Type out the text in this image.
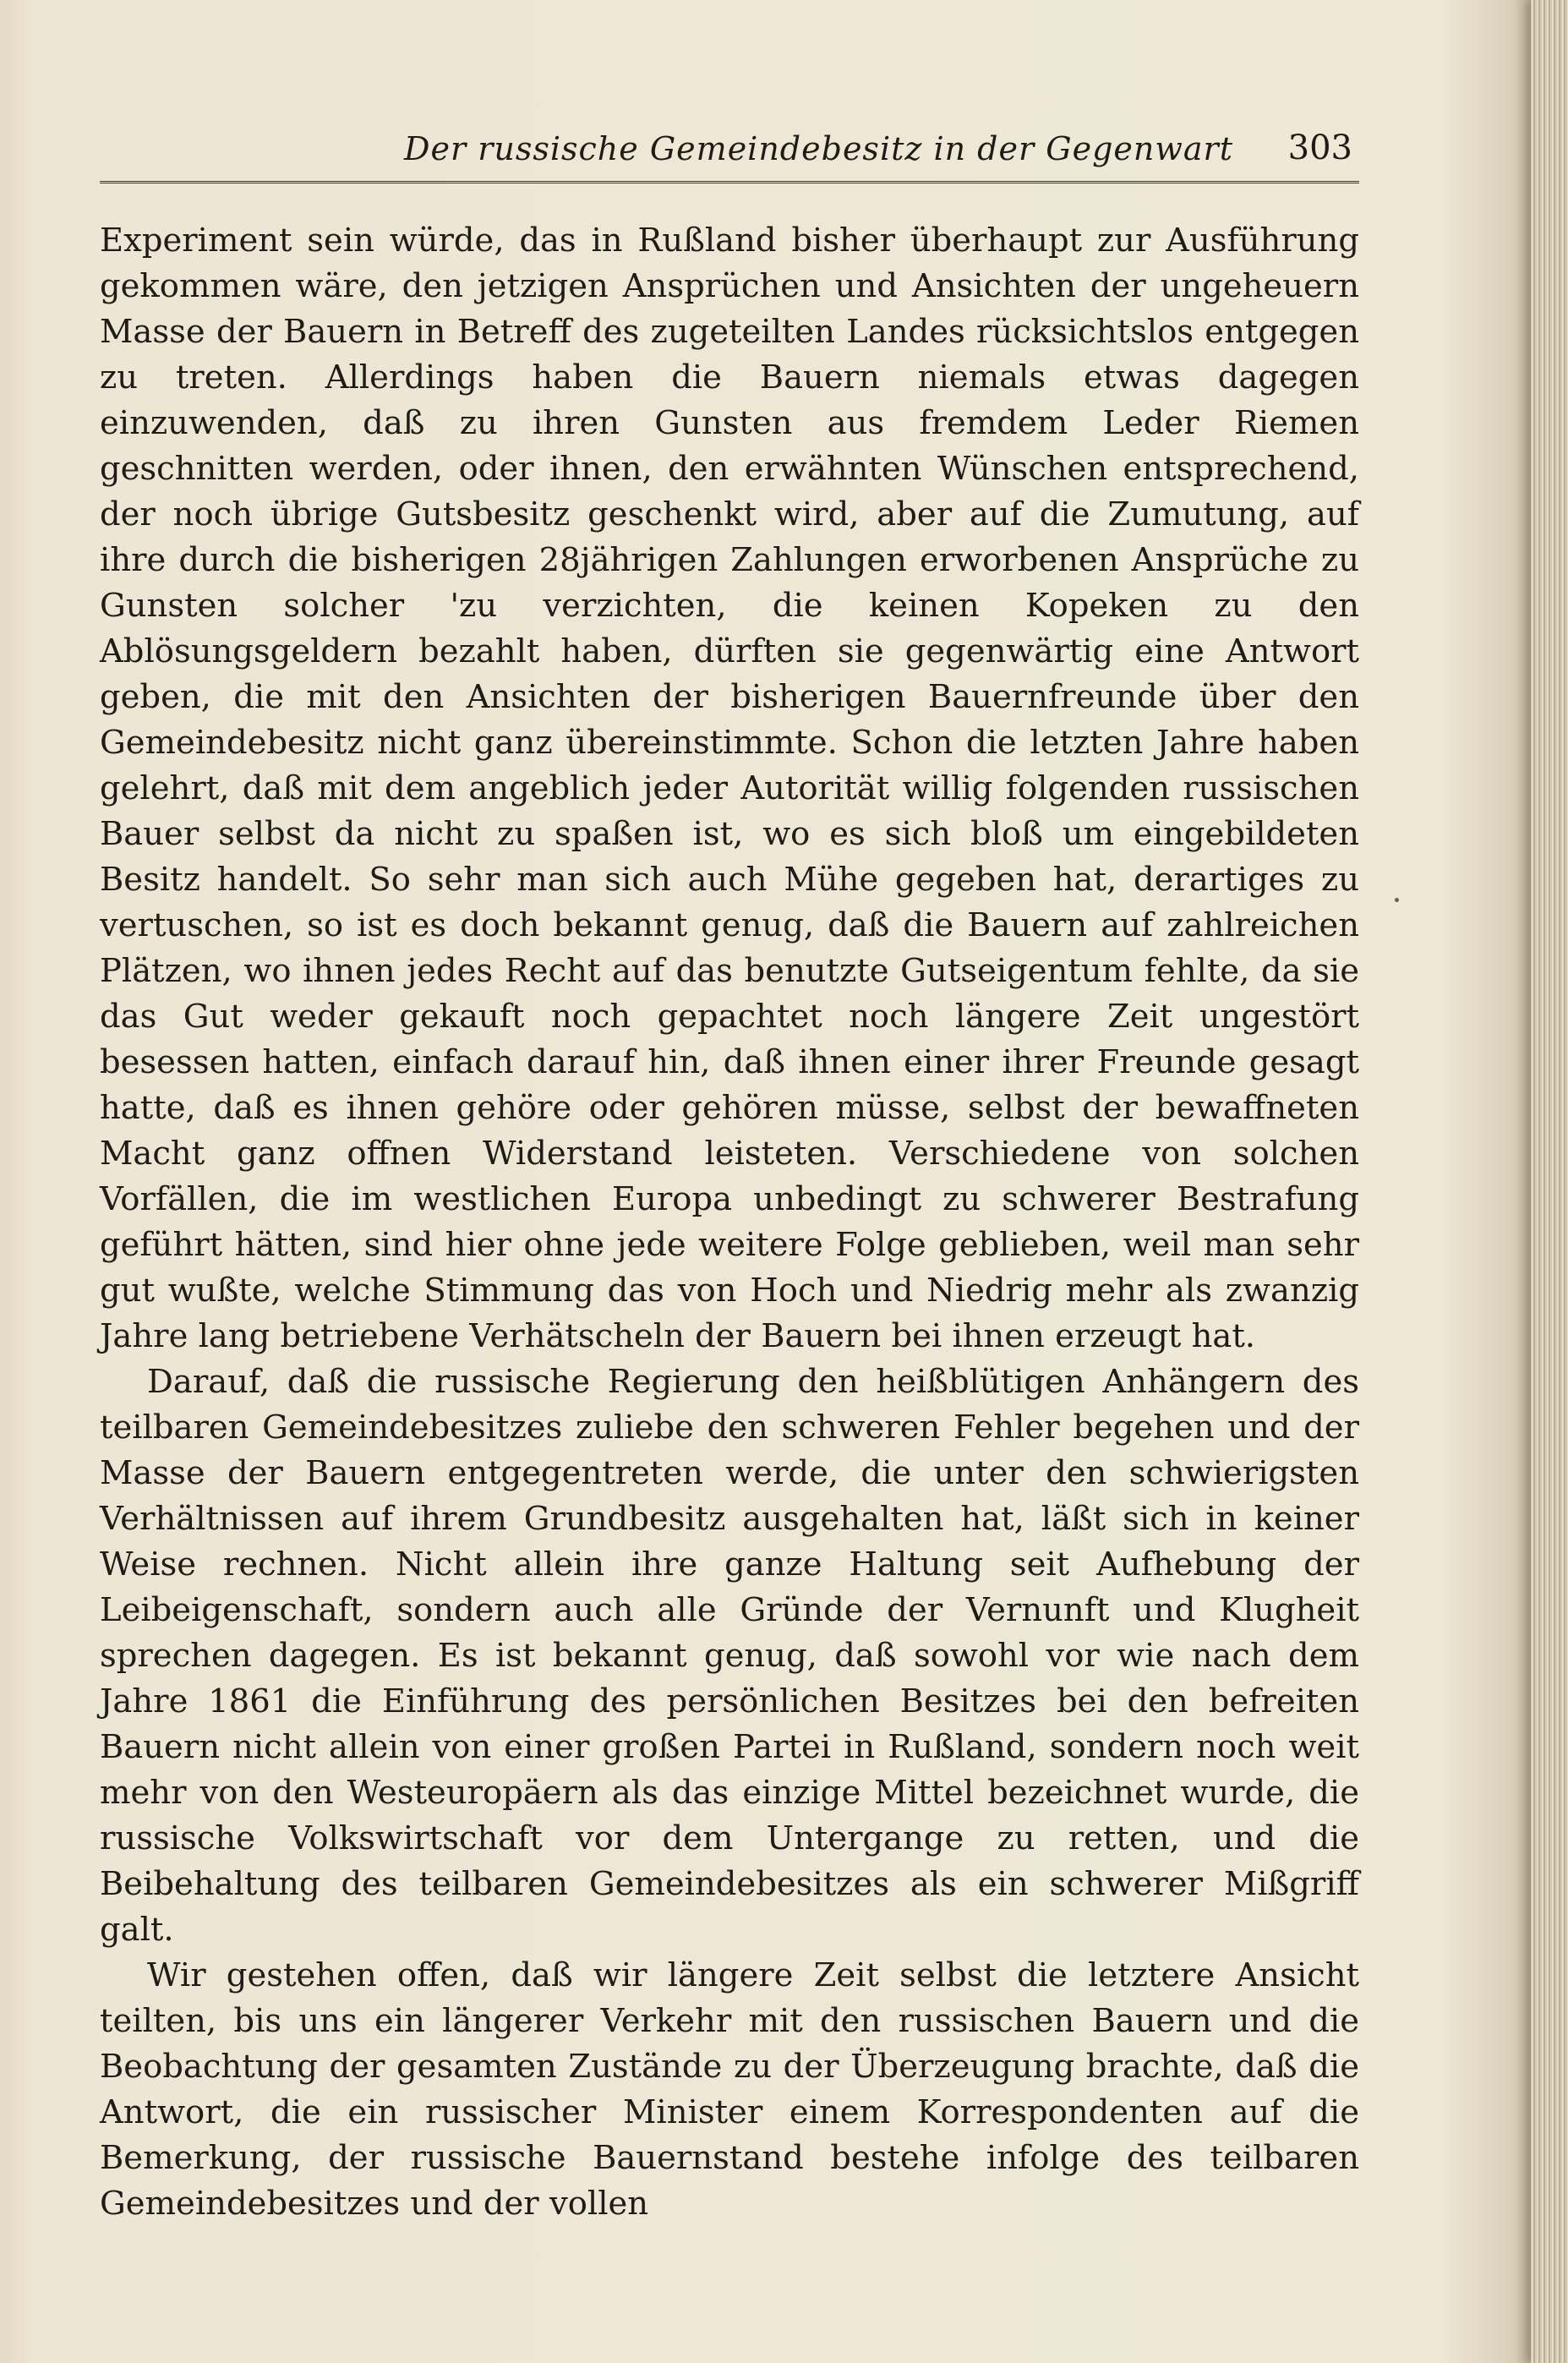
Der russische Gemeindebesitz in der Gegenwart 303

Experiment sein würde, das in Rußland bisher überhaupt zur Ausführung gekommen wäre, den jetzigen Ansprüchen und Ansichten der ungeheuern Masse der Bauern in Betreff des zugeteilten Landes rücksichtslos entgegen zu treten. Allerdings haben die Bauern niemals etwas dagegen einzuwenden, daß zu ihren Gunsten aus fremdem Leder Riemen geschnitten werden, oder ihnen, den erwähnten Wünschen entsprechend, der noch übrige Gutsbesitz geschenkt wird, aber auf die Zumutung, auf ihre durch die bisherigen 28jährigen Zahlungen erworbenen Ansprüche zu Gunsten solcher 'zu verzichten, die keinen Kopeken zu den Ablösungsgeldern bezahlt haben, dürften sie gegenwärtig eine Antwort geben, die mit den Ansichten der bisherigen Bauernfreunde über den Gemeindebesitz nicht ganz übereinstimmte. Schon die letzten Jahre haben gelehrt, daß mit dem angeblich jeder Autorität willig folgenden russischen Bauer selbst da nicht zu spaßen ist, wo es sich bloß um eingebildeten Besitz handelt. So sehr man sich auch Mühe gegeben hat, derartiges zu vertuschen, so ist es doch bekannt genug, daß die Bauern auf zahlreichen Plätzen, wo ihnen jedes Recht auf das benutzte Gutseigentum fehlte, da sie das Gut weder gekauft noch gepachtet noch längere Zeit ungestört besessen hatten, einfach darauf hin, daß ihnen einer ihrer Freunde gesagt hatte, daß es ihnen gehöre oder gehören müsse, selbst der bewaffneten Macht ganz offnen Widerstand leisteten. Verschiedene von solchen Vorfällen, die im westlichen Europa unbedingt zu schwerer Bestrafung geführt hätten, sind hier ohne jede weitere Folge geblieben, weil man sehr gut wußte, welche Stimmung das von Hoch und Niedrig mehr als zwanzig Jahre lang betriebene Verhätscheln der Bauern bei ihnen erzeugt hat.

Darauf, daß die russische Regierung den heißblütigen Anhängern des teilbaren Gemeindebesitzes zuliebe den schweren Fehler begehen und der Masse der Bauern entgegentreten werde, die unter den schwierigsten Verhältnissen auf ihrem Grundbesitz ausgehalten hat, läßt sich in keiner Weise rechnen. Nicht allein ihre ganze Haltung seit Aufhebung der Leibeigenschaft, sondern auch alle Gründe der Vernunft und Klugheit sprechen dagegen. Es ist bekannt genug, daß sowohl vor wie nach dem Jahre 1861 die Einführung des persönlichen Besitzes bei den befreiten Bauern nicht allein von einer großen Partei in Rußland, sondern noch weit mehr von den Westeuropäern als das einzige Mittel bezeichnet wurde, die russische Volkswirtschaft vor dem Untergange zu retten, und die Beibehaltung des teilbaren Gemeindebesitzes als ein schwerer Mißgriff galt.

Wir gestehen offen, daß wir längere Zeit selbst die letztere Ansicht teilten, bis uns ein längerer Verkehr mit den russischen Bauern und die Beobachtung der gesamten Zustände zu der Überzeugung brachte, daß die Antwort, die ein russischer Minister einem Korrespondenten auf die Bemerkung, der russische Bauernstand bestehe infolge des teilbaren Gemeindebesitzes und der vollen
